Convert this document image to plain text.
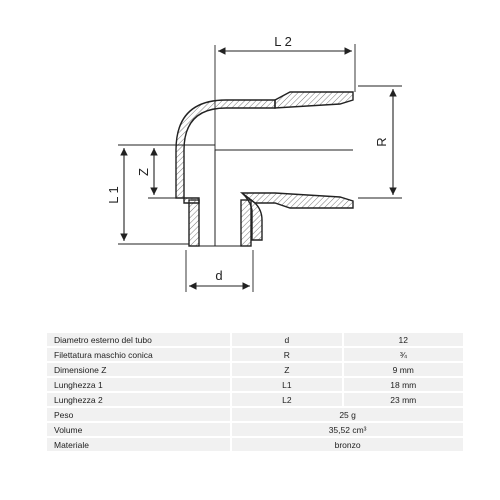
L 2
R
Z
L 1
d
Diametro esterno del tubo		d		12
Filettatura maschio conica		R		¾
Dimensione Z		Z		9 mm
Lunghezza 1		L1		18 mm
Lunghezza 2		L2		23 mm
Peso		25 g		
Volume		35,52 cm³		
Materiale		bronzo		
